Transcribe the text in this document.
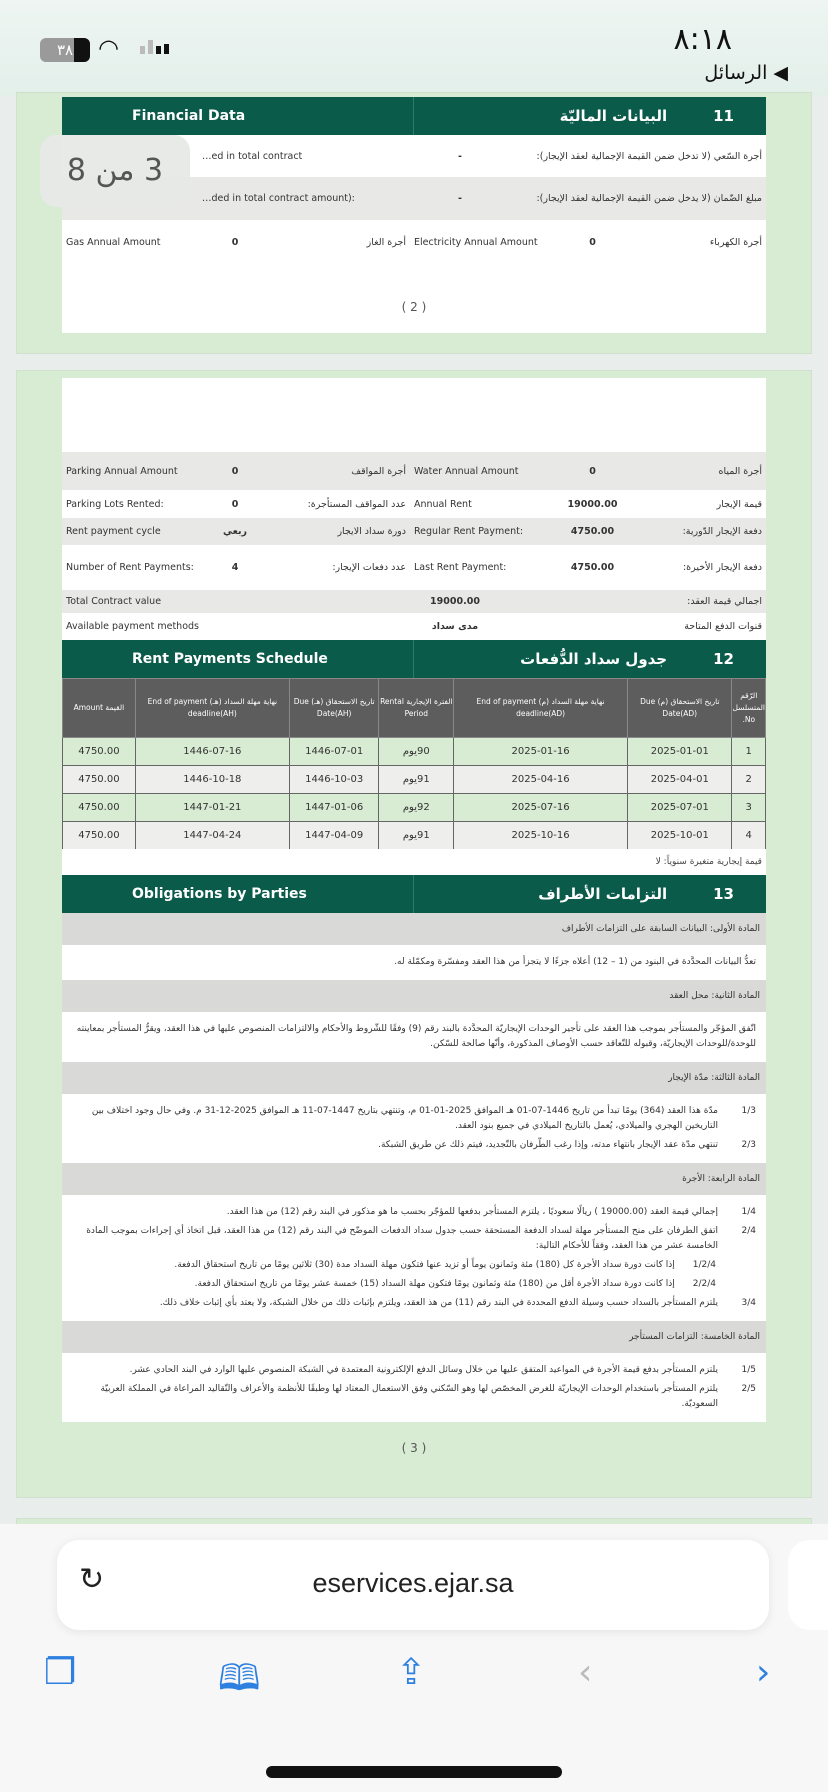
٨:١٨
◀ الرسائل
٣٨	◠
Financial Data	11
البيانات الماليّة
…ed in total contract	-	أجرة السّعي (لا تدخل ضمن القيمة الإجمالية لعقد الإيجار):
…ded in total contract amount):	-	مبلغ الضّمان (لا يدخل ضمن القيمة الإجمالية لعقد الإيجار):
Gas Annual Amount	0	أجرة الغاز Electricity Annual Amount	0	أجرة الكهرباء
( 2 )
Parking Annual Amount	0	أجرة المواقف Water Annual Amount	0	أجرة المياه
Parking Lots Rented:	0	عدد المواقف المستأجرة: Annual Rent	19000.00	قيمة الإيجار
Rent payment cycle	ربعي	دورة سداد الايجار Regular Rent Payment:	4750.00	دفعة الإيجار الدّورية:
Number of Rent Payments:	4	عدد دفعات الإيجار: Last Rent Payment:	4750.00	دفعة الإيجار الأخيرة:
Total Contract value	19000.00	اجمالي قيمة العقد:
Available payment methods	مدى سداد	قنوات الدفع المتاحة
Rent Payments Schedule	12
جدول سداد الدُّفعات
الرّقم المتسلسل No.	تاريخ الاستحقاق (م) Due Date(AD)	نهاية مهلة السداد (م) End of payment deadline(AD)	الفترة الإيجارية Rental Period	تاريخ الاستحقاق (هـ) Due Date(AH)	نهاية مهلة السداد (هـ) End of payment deadline(AH)	القيمة Amount
1	2025-01-01	2025-01-16	90يوم	1446-07-01	1446-07-16	4750.00
2	2025-04-01	2025-04-16	91يوم	1446-10-03	1446-10-18	4750.00
3	2025-07-01	2025-07-16	92يوم	1447-01-06	1447-01-21	4750.00
4	2025-10-01	2025-10-16	91يوم	1447-04-09	1447-04-24	4750.00
قيمة إيجارية متغيرة سنوياً: لا
Obligations by Parties	13
التزامات الأطراف
المادة الأولى: البيانات السابقة على التزامات الأطراف
تعدُّ البيانات المحدَّدة في البنود من (1 – 12) أعلاه جزءًا لا يتجزأ من هذا العقد ومفسّرة ومكمّلة له.
المادة الثانية: محل العقد
اتّفق المؤجّر والمستأجر بموجب هذا العقد على تأجير الوحدات الإيجاريّة المحدَّدة بالبند رقم (9) وفقًا للشّروط والأحكام والالتزامات المنصوص عليها في هذا العقد، ويقرُّ المستأجر بمعاينته للوحدة/للوحدات الإيجاريّة، وقبوله للتّعاقد حسب الأوصاف المذكورة، وأنّها صالحة للسّكن.
المادة الثالثة: مدّة الإيجار
1/3
مدّة هذا العقد (364) يومًا تبدأ من تاريخ 1446-07-01 هـ الموافق 2025-01-01 م، وتنتهي بتاريخ 1447-07-11 هـ الموافق 2025-12-31 م. وفي حال وجود اختلاف بين التاريخين الهجري والميلادي، يُعمل بالتاريخ الميلادي في جميع بنود العقد.
2/3
تنتهي مدّة عقد الإيجار بانتهاء مدته، وإذا رغب الطّرفان بالتّجديد، فيتم ذلك عن طريق الشبكة.
المادة الرابعة: الأجرة
1/4
إجمالي قيمة العقد (19000.00 ) ريالًا سعوديًا ، يلتزم المستأجر بدفعها للمؤجّر بحسب ما هو مذكور في البند رقم (12) من هذا العقد.
2/4
اتفق الطرفان على منح المستأجر مهلة لسداد الدفعة المستحقة حسب جدول سداد الدفعات الموضّح في البند رقم (12) من هذا العقد، قبل اتخاذ أي إجراءات بموجب المادة الخامسة عشر من هذا العقد، وفقاً للأحكام التالية:
1/2/4
إذا كانت دورة سداد الأجرة كل (180) مئة وثمانون يوماً أو تزيد عنها فتكون مهلة السداد مدة (30) ثلاثين يومًا من تاريخ استحقاق الدفعة.
2/2/4
إذا كانت دورة سداد الأجرة أقل من (180) مئة وثمانون يومًا فتكون مهلة السداد (15) خمسة عشر يومًا من تاريخ استحقاق الدفعة.
3/4
يلتزم المستأجر بالسداد حسب وسيلة الدفع المحددة في البند رقم (11) من هذ العقد، ويلتزم بإثبات ذلك من خلال الشبكة، ولا يعتد بأي إثبات خلاف ذلك.
المادة الخامسة: التزامات المستأجر
1/5
يلتزم المستأجر بدفع قيمة الأجرة في المواعيد المتفق عليها من خلال وسائل الدفع الإلكترونية المعتمدة في الشبكة المنصوص عليها الوارد في البند الحادي عشر.
2/5
يلتزم المستأجر باستخدام الوحدات الإيجاريّة للغرض المخصّص لها وهو السّكني وفق الاستعمال المعتاد لها وطبقًا للأنظمة والأعراف والتّقاليد المراعاة في المملكة العربيّة السعوديّة.
( 3 )
3 من 8
↻	eservices.ejar.sa
❐	🕮	⇪	‹	›
